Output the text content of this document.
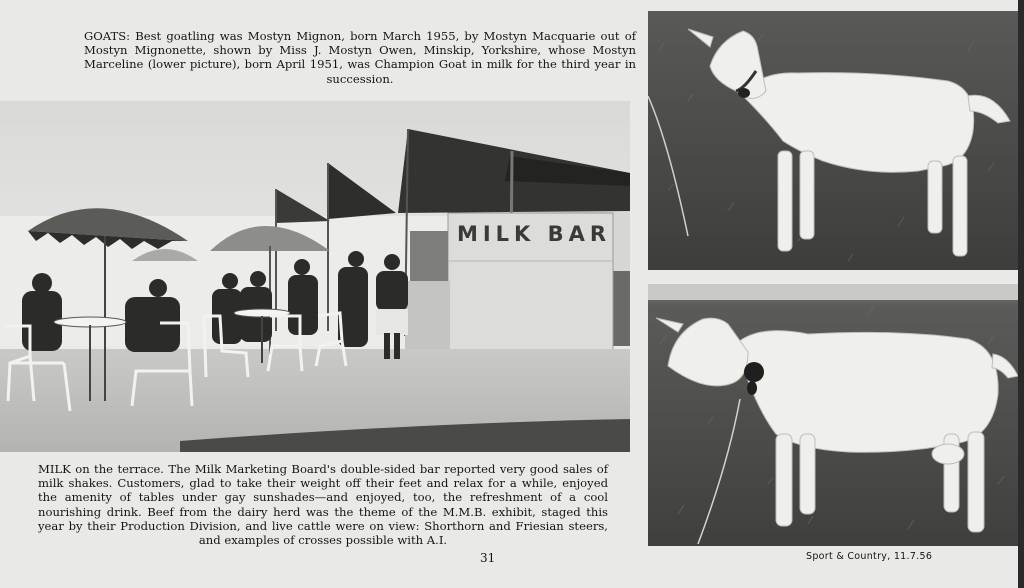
GOATS: Best goatling was Mostyn Mignon, born March 1955, by Mostyn Macquarie out of Mostyn Mignonette, shown by Miss J. Mostyn Owen, Minskip, Yorkshire, whose Mostyn Marceline (lower picture), born April 1951, was Champion Goat in milk for the third year in succession.
MILK BAR
MILK on the terrace. The Milk Marketing Board's double-sided bar reported very good sales of milk shakes. Customers, glad to take their weight off their feet and relax for a while, enjoyed the amenity of tables under gay sunshades—and enjoyed, too, the refreshment of a cool nourishing drink. Beef from the dairy herd was the theme of the M.M.B. exhibit, staged this year by their Production Division, and live cattle were on view: Shorthorn and Friesian steers, and examples of crosses possible with A.I.
31	Sport & Country, 11.7.56
